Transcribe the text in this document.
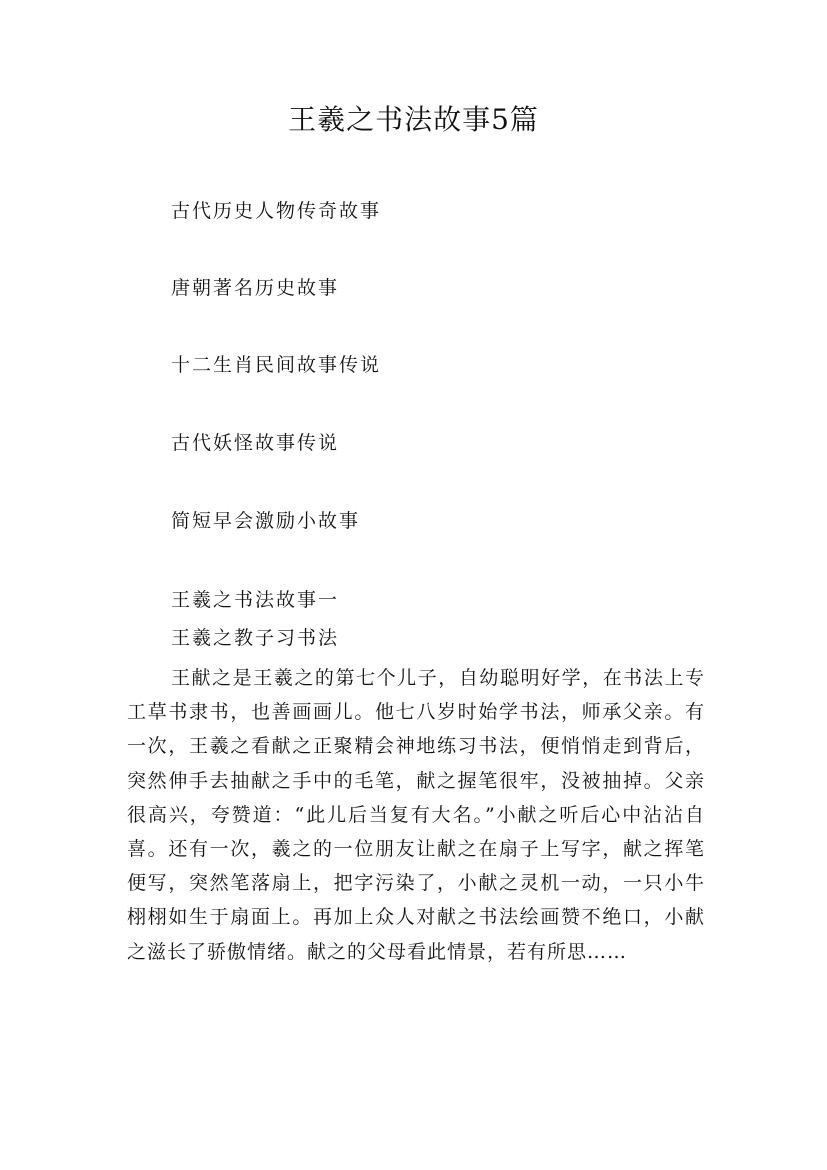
王羲之书法故事5篇
古代历史人物传奇故事
唐朝著名历史故事
十二生肖民间故事传说
古代妖怪故事传说
简短早会激励小故事
王羲之书法故事一
王羲之教子习书法

王献之是王羲之的第七个儿子，自幼聪明好学，在书法上专工草书隶书，也善画画儿。他七八岁时始学书法，师承父亲。有一次，王羲之看献之正聚精会神地练习书法，便悄悄走到背后，突然伸手去抽献之手中的毛笔，献之握笔很牢，没被抽掉。父亲很高兴，夸赞道：“此儿后当复有大名。”小献之听后心中沾沾自喜。还有一次，羲之的一位朋友让献之在扇子上写字，献之挥笔便写，突然笔落扇上，把字污染了，小献之灵机一动，一只小牛栩栩如生于扇面上。再加上众人对献之书法绘画赞不绝口，小献之滋长了骄傲情绪。献之的父母看此情景，若有所思……
